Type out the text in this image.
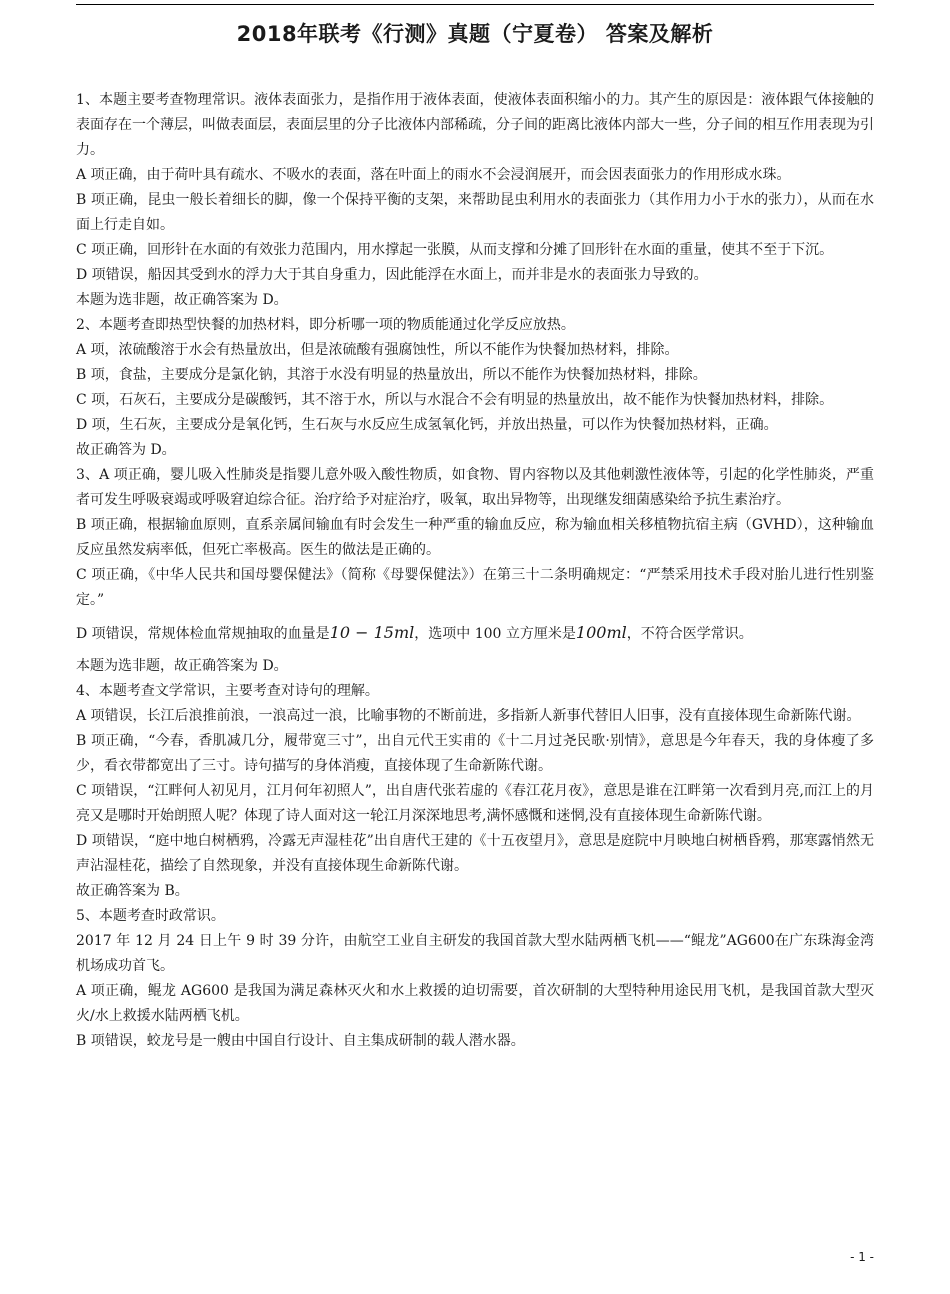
2018年联考《行测》真题（宁夏卷） 答案及解析

1、本题主要考查物理常识。液体表面张力，是指作用于液体表面，使液体表面积缩小的力。其产生的原因是：液体跟气体接触的表面存在一个薄层，叫做表面层，表面层里的分子比液体内部稀疏，分子间的距离比液体内部大一些，分子间的相互作用表现为引力。

A 项正确，由于荷叶具有疏水、不吸水的表面，落在叶面上的雨水不会浸润展开，而会因表面张力的作用形成水珠。

B 项正确，昆虫一般长着细长的脚，像一个保持平衡的支架，来帮助昆虫利用水的表面张力（其作用力小于水的张力），从而在水面上行走自如。

C 项正确，回形针在水面的有效张力范围内，用水撑起一张膜，从而支撑和分摊了回形针在水面的重量，使其不至于下沉。

D 项错误，船因其受到水的浮力大于其自身重力，因此能浮在水面上，而并非是水的表面张力导致的。

本题为选非题，故正确答案为 D。

2、本题考查即热型快餐的加热材料，即分析哪一项的物质能通过化学反应放热。

A 项，浓硫酸溶于水会有热量放出，但是浓硫酸有强腐蚀性，所以不能作为快餐加热材料，排除。

B 项，食盐，主要成分是氯化钠，其溶于水没有明显的热量放出，所以不能作为快餐加热材料，排除。

C 项，石灰石，主要成分是碳酸钙，其不溶于水，所以与水混合不会有明显的热量放出，故不能作为快餐加热材料，排除。

D 项，生石灰，主要成分是氧化钙，生石灰与水反应生成氢氧化钙，并放出热量，可以作为快餐加热材料，正确。

故正确答为 D。

3、A 项正确，婴儿吸入性肺炎是指婴儿意外吸入酸性物质，如食物、胃内容物以及其他刺激性液体等，引起的化学性肺炎，严重者可发生呼吸衰竭或呼吸窘迫综合征。治疗给予对症治疗，吸氧，取出异物等，出现继发细菌感染给予抗生素治疗。

B 项正确，根据输血原则，直系亲属间输血有时会发生一种严重的输血反应，称为输血相关移植物抗宿主病（GVHD），这种输血反应虽然发病率低，但死亡率极高。医生的做法是正确的。

C 项正确，《中华人民共和国母婴保健法》（简称《母婴保健法》）在第三十二条明确规定：“严禁采用技术手段对胎儿进行性别鉴定。”

D 项错误，常规体检血常规抽取的血量是10 − 15ml，选项中 100 立方厘米是100ml，不符合医学常识。

本题为选非题，故正确答案为 D。

4、本题考查文学常识，主要考查对诗句的理解。

A 项错误，长江后浪推前浪，一浪高过一浪，比喻事物的不断前进，多指新人新事代替旧人旧事，没有直接体现生命新陈代谢。

B 项正确，“今春，香肌减几分，履带宽三寸”，出自元代王实甫的《十二月过尧民歌·别情》，意思是今年春天，我的身体瘦了多少，看衣带都宽出了三寸。诗句描写的身体消瘦，直接体现了生命新陈代谢。

C 项错误，“江畔何人初见月，江月何年初照人”，出自唐代张若虚的《春江花月夜》，意思是谁在江畔第一次看到月亮,而江上的月亮又是哪时开始朗照人呢？体现了诗人面对这一轮江月深深地思考,满怀感慨和迷惘,没有直接体现生命新陈代谢。

D 项错误，“庭中地白树栖鸦，冷露无声湿桂花”出自唐代王建的《十五夜望月》，意思是庭院中月映地白树栖昏鸦，那寒露悄然无声沾湿桂花，描绘了自然现象，并没有直接体现生命新陈代谢。

故正确答案为 B。

5、本题考查时政常识。

2017 年 12 月 24 日上午 9 时 39 分许，由航空工业自主研发的我国首款大型水陆两栖飞机——“鲲龙”AG600在广东珠海金湾机场成功首飞。

A 项正确，鲲龙 AG600 是我国为满足森林灭火和水上救援的迫切需要，首次研制的大型特种用途民用飞机，是我国首款大型灭火/水上救援水陆两栖飞机。

B 项错误，蛟龙号是一艘由中国自行设计、自主集成研制的载人潜水器。

- 1 -
